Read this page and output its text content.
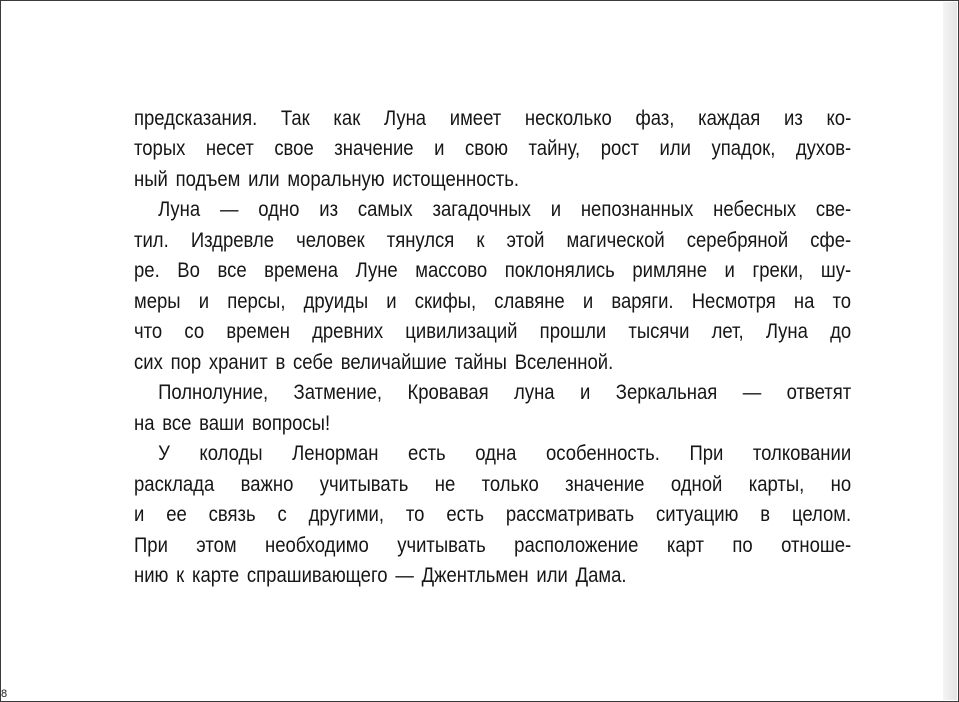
предсказания. Так как Луна имеет несколько фаз, каждая из ко-
торых несет свое значение и свою тайну, рост или упадок, духов-
ный подъем или моральную истощенность.
Луна — одно из самых загадочных и непознанных небесных све-
тил. Издревле человек тянулся к этой магической серебряной сфе-
ре. Во все времена Луне массово поклонялись римляне и греки, шу-
меры и персы, друиды и скифы, славяне и варяги. Несмотря на то
что со времен древних цивилизаций прошли тысячи лет, Луна до
сих пор хранит в себе величайшие тайны Вселенной.
Полнолуние, Затмение, Кровавая луна и Зеркальная — ответят
на все ваши вопросы!
У колоды Ленорман есть одна особенность. При толковании
расклада важно учитывать не только значение одной карты, но
и ее связь с другими, то есть рассматривать ситуацию в целом.
При этом необходимо учитывать расположение карт по отноше-
нию к карте спрашивающего — Джентльмен или Дама.
8
